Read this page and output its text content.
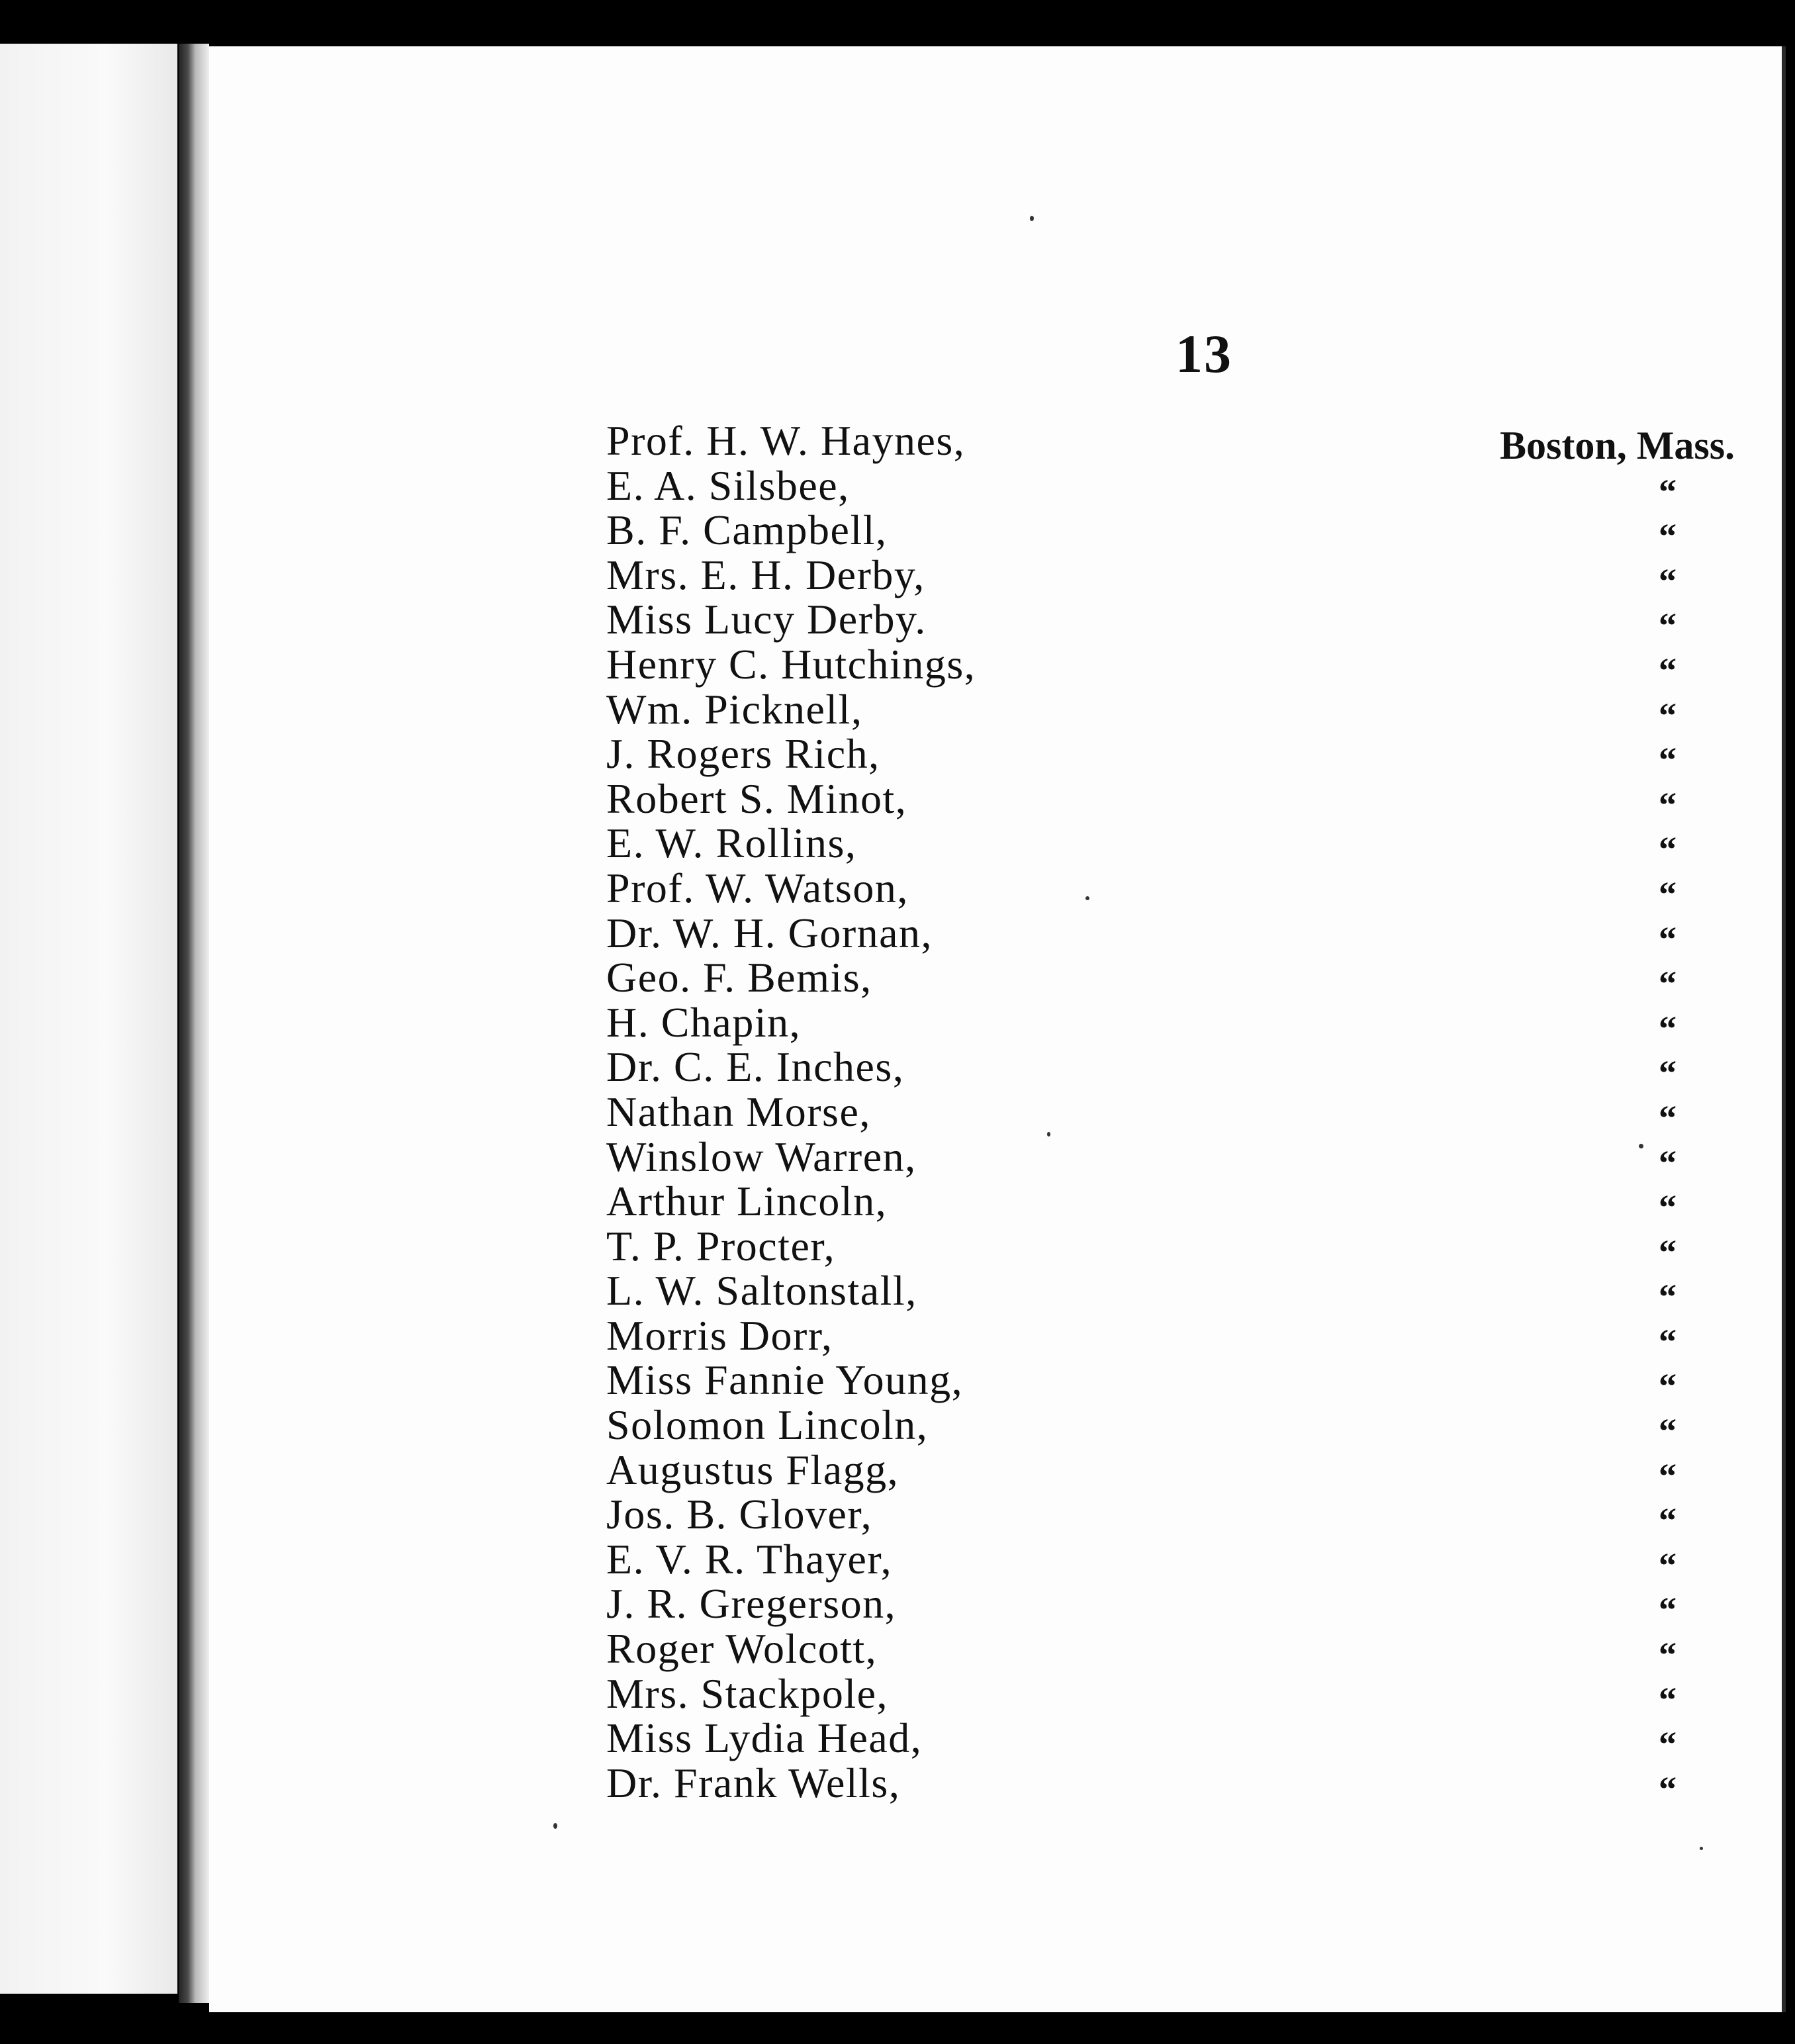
13
Prof. H. W. Haynes,	Boston, Mass.
E. A. Silsbee,	“
B. F. Campbell,	“
Mrs. E. H. Derby,	“
Miss Lucy Derby.	“
Henry C. Hutchings,	“
Wm. Picknell,	“
J. Rogers Rich,	“
Robert S. Minot,	“
E. W. Rollins,	“
Prof. W. Watson,	“
Dr. W. H. Gornan,	“
Geo. F. Bemis,	“
H. Chapin,	“
Dr. C. E. Inches,	“
Nathan Morse,	“
Winslow Warren,	“
Arthur Lincoln,	“
T. P. Procter,	“
L. W. Saltonstall,	“
Morris Dorr,	“
Miss Fannie Young,	“
Solomon Lincoln,	“
Augustus Flagg,	“
Jos. B. Glover,	“
E. V. R. Thayer,	“
J. R. Gregerson,	“
Roger Wolcott,	“
Mrs. Stackpole,	“
Miss Lydia Head,	“
Dr. Frank Wells,	“
